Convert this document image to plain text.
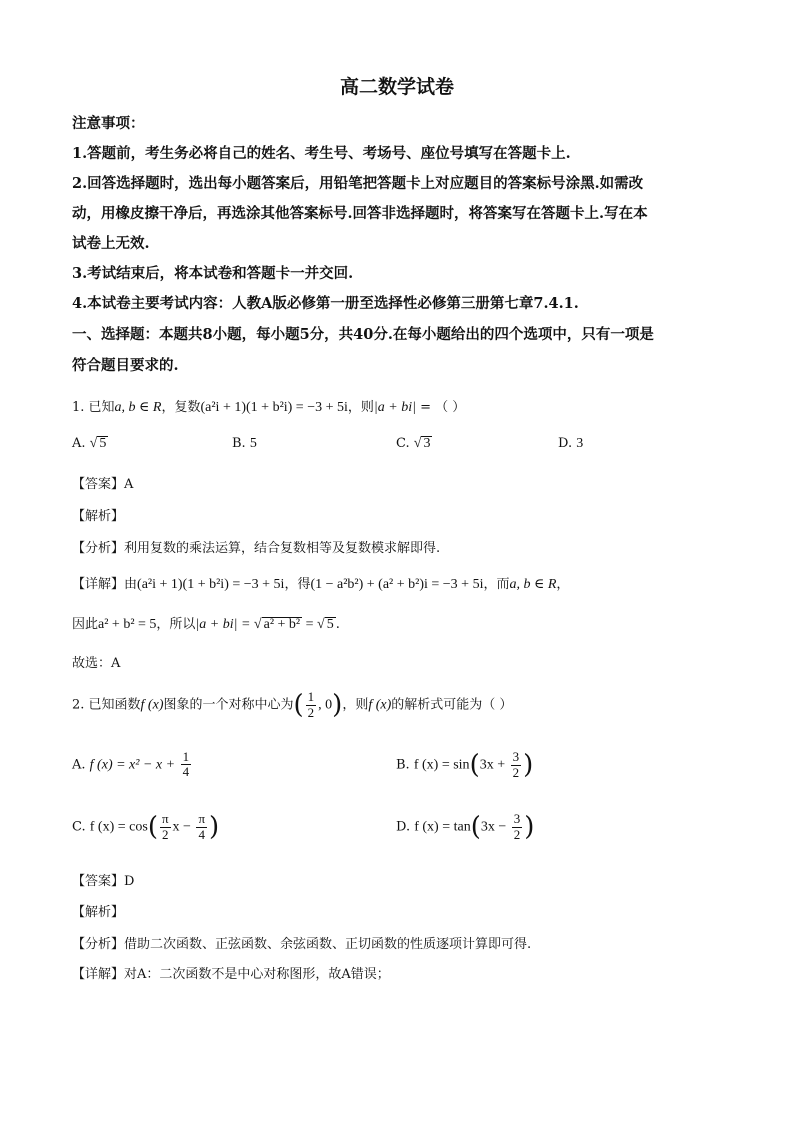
高二数学试卷
注意事项：
1.答题前，考生务必将自己的姓名、考生号、考场号、座位号填写在答题卡上.
2.回答选择题时，选出每小题答案后，用铅笔把答题卡上对应题目的答案标号涂黑.如需改
动，用橡皮擦干净后，再选涂其他答案标号.回答非选择题时，将答案写在答题卡上.写在本
试卷上无效.
3.考试结束后，将本试卷和答题卡一并交回.
4.本试卷主要考试内容：人教A版必修第一册至选择性必修第三册第七章7.4.1.
一、选择题：本题共8小题，每小题5分，共40分.在每小题给出的四个选项中，只有一项是
符合题目要求的.
1. 已知a, b ∈ R，复数(a²i + 1)(1 + b²i) = −3 + 5i，则|a + bi| = （ ）
A. √ 5	B. 5	C. √ 3	D. 3
【答案】A
【解析】
【分析】利用复数的乘法运算，结合复数相等及复数模求解即得.
【详解】由(a²i + 1)(1 + b²i) = −3 + 5i，得(1 − a²b²) + (a² + b²)i = −3 + 5i，而a, b ∈ R，
因此a² + b² = 5，所以|a + bi| = √ a² + b² = √ 5 .
故选：A
2. 已知函数f (x)图象的一个对称中心为( $\frac{1}{2}$ , 0)，则f (x)的解析式可能为（ ）
A. f $(x) = x^2 - x + \frac{1}{4}$	B. f $(x) = \sin(3x + \frac{3}{2}$ )
C. f $(x) = \cos( \frac{\pi}{2}$ $x - \frac{\pi}{4}$ )	D. f $(x) = \tan(3x - \frac{3}{2}$ )
【答案】D
【解析】
【分析】借助二次函数、正弦函数、余弦函数、正切函数的性质逐项计算即可得.
【详解】对A：二次函数不是中心对称图形，故A错误；
